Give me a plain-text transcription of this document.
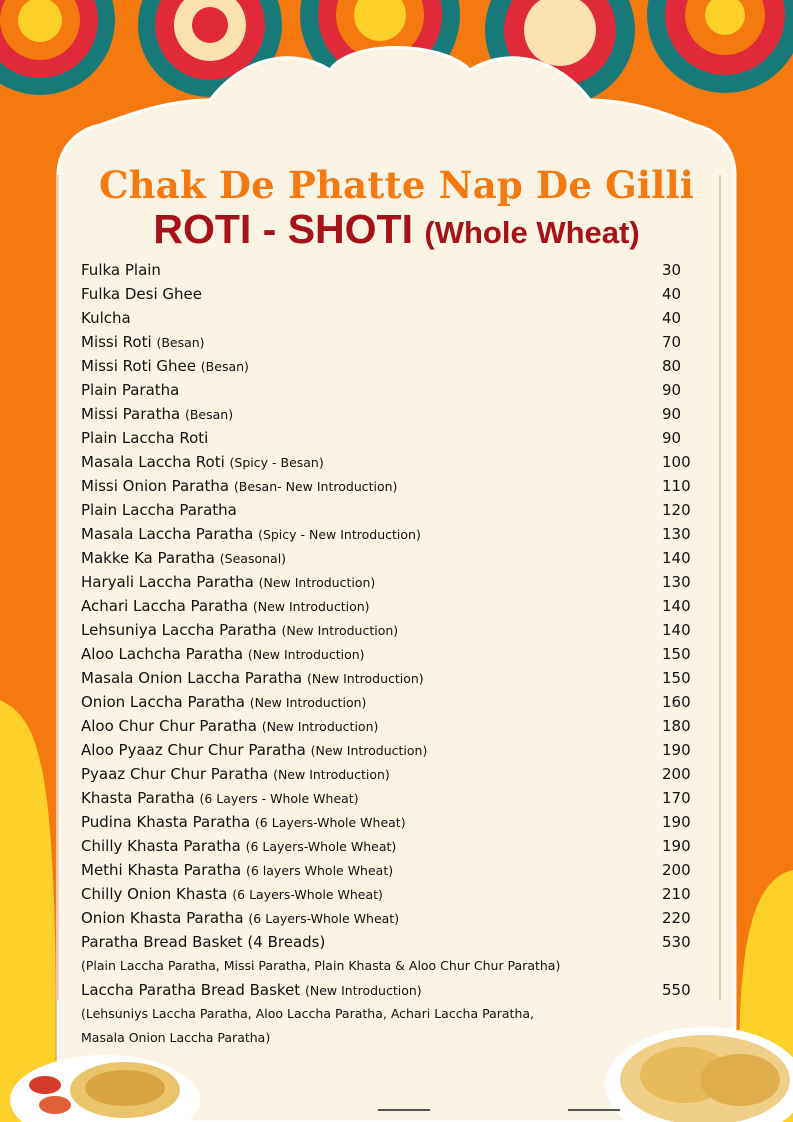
Chak De Phatte Nap De Gilli
ROTI - SHOTI (Whole Wheat)
Fulka Plain	30
Fulka Desi Ghee	40
Kulcha	40
Missi Roti (Besan)	70
Missi Roti Ghee (Besan)	80
Plain Paratha	90
Missi Paratha (Besan)	90
Plain Laccha Roti	90
Masala Laccha Roti (Spicy - Besan)	100
Missi Onion Paratha (Besan- New Introduction)	110
Plain Laccha Paratha	120
Masala Laccha Paratha (Spicy - New Introduction)	130
Makke Ka Paratha (Seasonal)	140
Haryali Laccha Paratha (New Introduction)	130
Achari Laccha Paratha (New Introduction)	140
Lehsuniya Laccha Paratha (New Introduction)	140
Aloo Lachcha Paratha (New Introduction)	150
Masala Onion Laccha Paratha (New Introduction)	150
Onion Laccha Paratha (New Introduction)	160
Aloo Chur Chur Paratha (New Introduction)	180
Aloo Pyaaz Chur Chur Paratha (New Introduction)	190
Pyaaz Chur Chur Paratha (New Introduction)	200
Khasta Paratha (6 Layers - Whole Wheat)	170
Pudina Khasta Paratha (6 Layers-Whole Wheat)	190
Chilly Khasta Paratha (6 Layers-Whole Wheat)	190
Methi Khasta Paratha (6 layers Whole Wheat)	200
Chilly Onion Khasta (6 Layers-Whole Wheat)	210
Onion Khasta Paratha (6 Layers-Whole Wheat)	220
Paratha Bread Basket (4 Breads)	530
(Plain Laccha Paratha, Missi Paratha, Plain Khasta & Aloo Chur Chur Paratha)
Laccha Paratha Bread Basket (New Introduction)	550
(Lehsuniys Laccha Paratha, Aloo Laccha Paratha, Achari Laccha Paratha,
Masala Onion Laccha Paratha)
